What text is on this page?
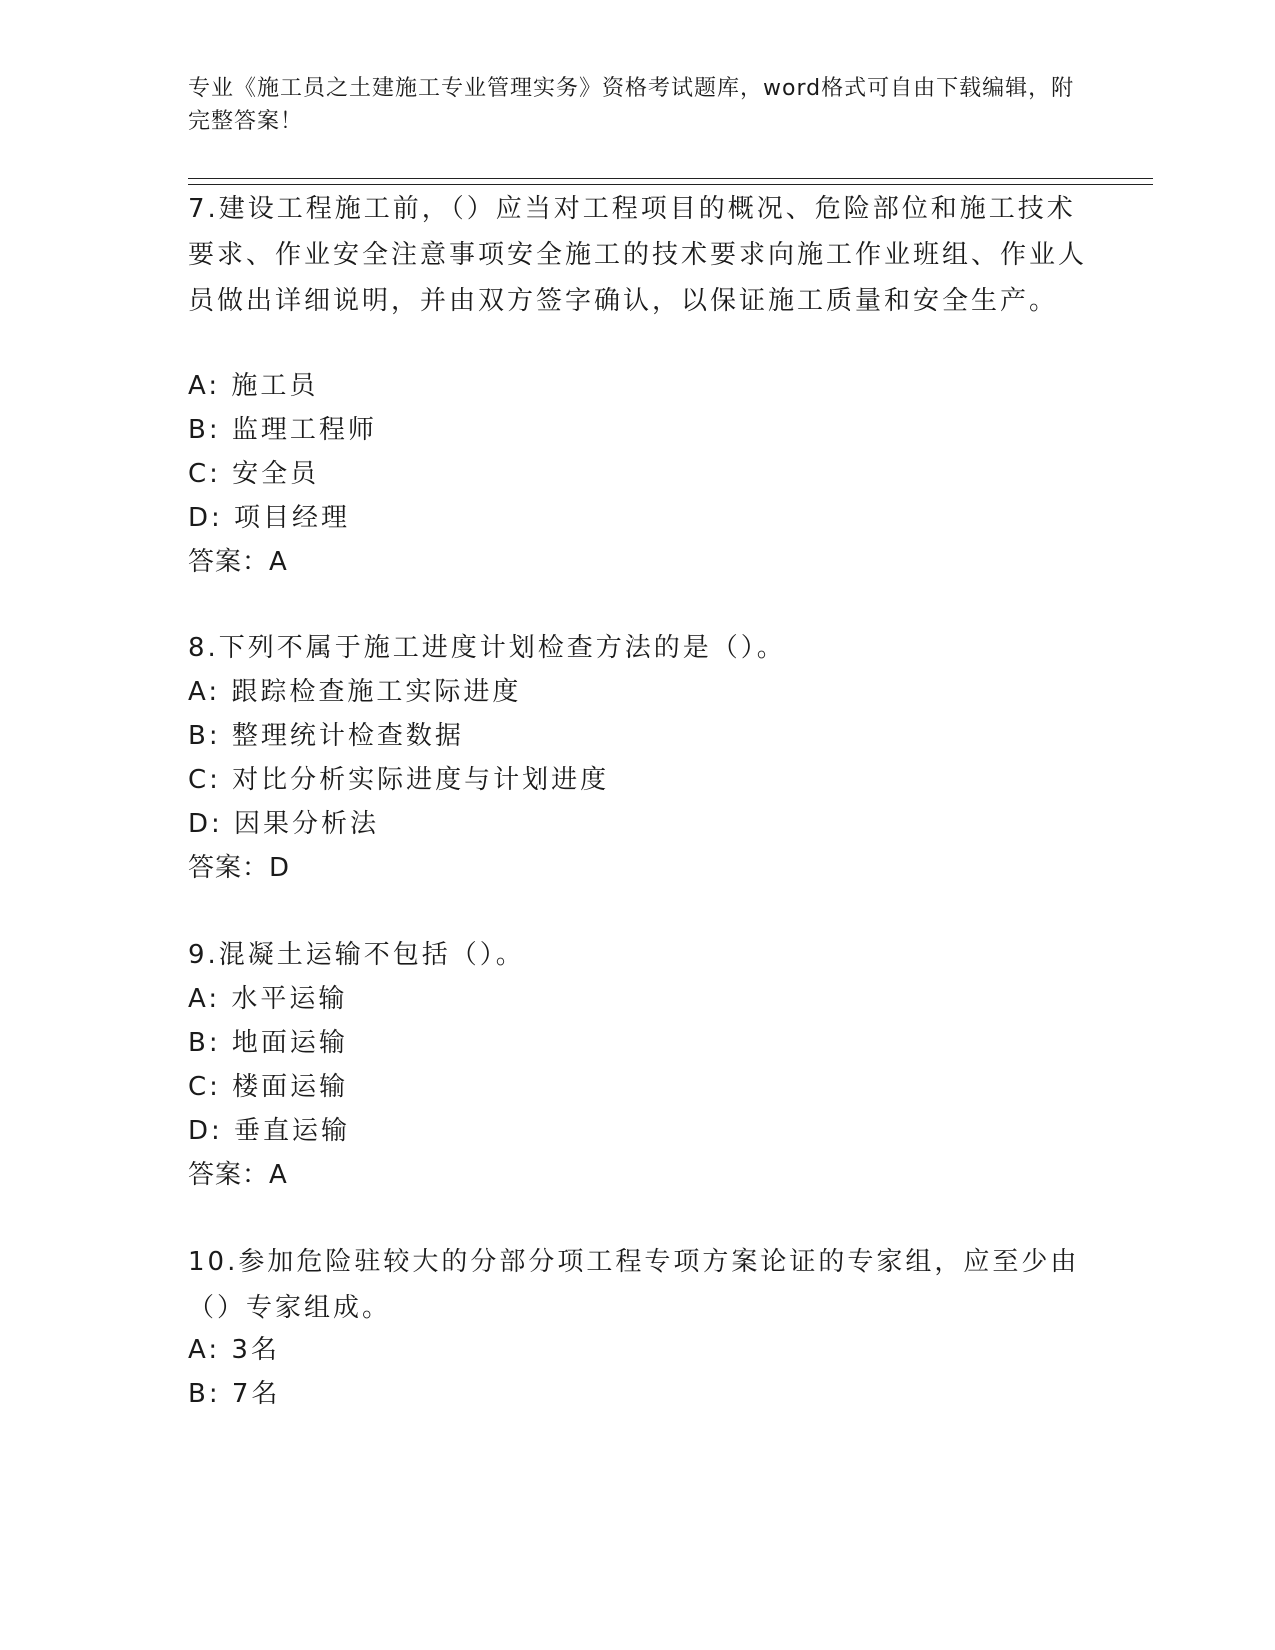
专业《施工员之土建施工专业管理实务》资格考试题库，word格式可自由下载编辑，附完整答案！
7.建设工程施工前，（）应当对工程项目的概况、危险部位和施工技术要求、作业安全注意事项安全施工的技术要求向施工作业班组、作业人员做出详细说明，并由双方签字确认，以保证施工质量和安全生产。
A: 施工员
B: 监理工程师
C: 安全员
D: 项目经理
答案：A
8.下列不属于施工进度计划检查方法的是（）。
A: 跟踪检查施工实际进度
B: 整理统计检查数据
C: 对比分析实际进度与计划进度
D: 因果分析法
答案：D
9.混凝土运输不包括（）。
A: 水平运输
B: 地面运输
C: 楼面运输
D: 垂直运输
答案：A
10.参加危险驻较大的分部分项工程专项方案论证的专家组，应至少由（）专家组成。
A: 3名
B: 7名
